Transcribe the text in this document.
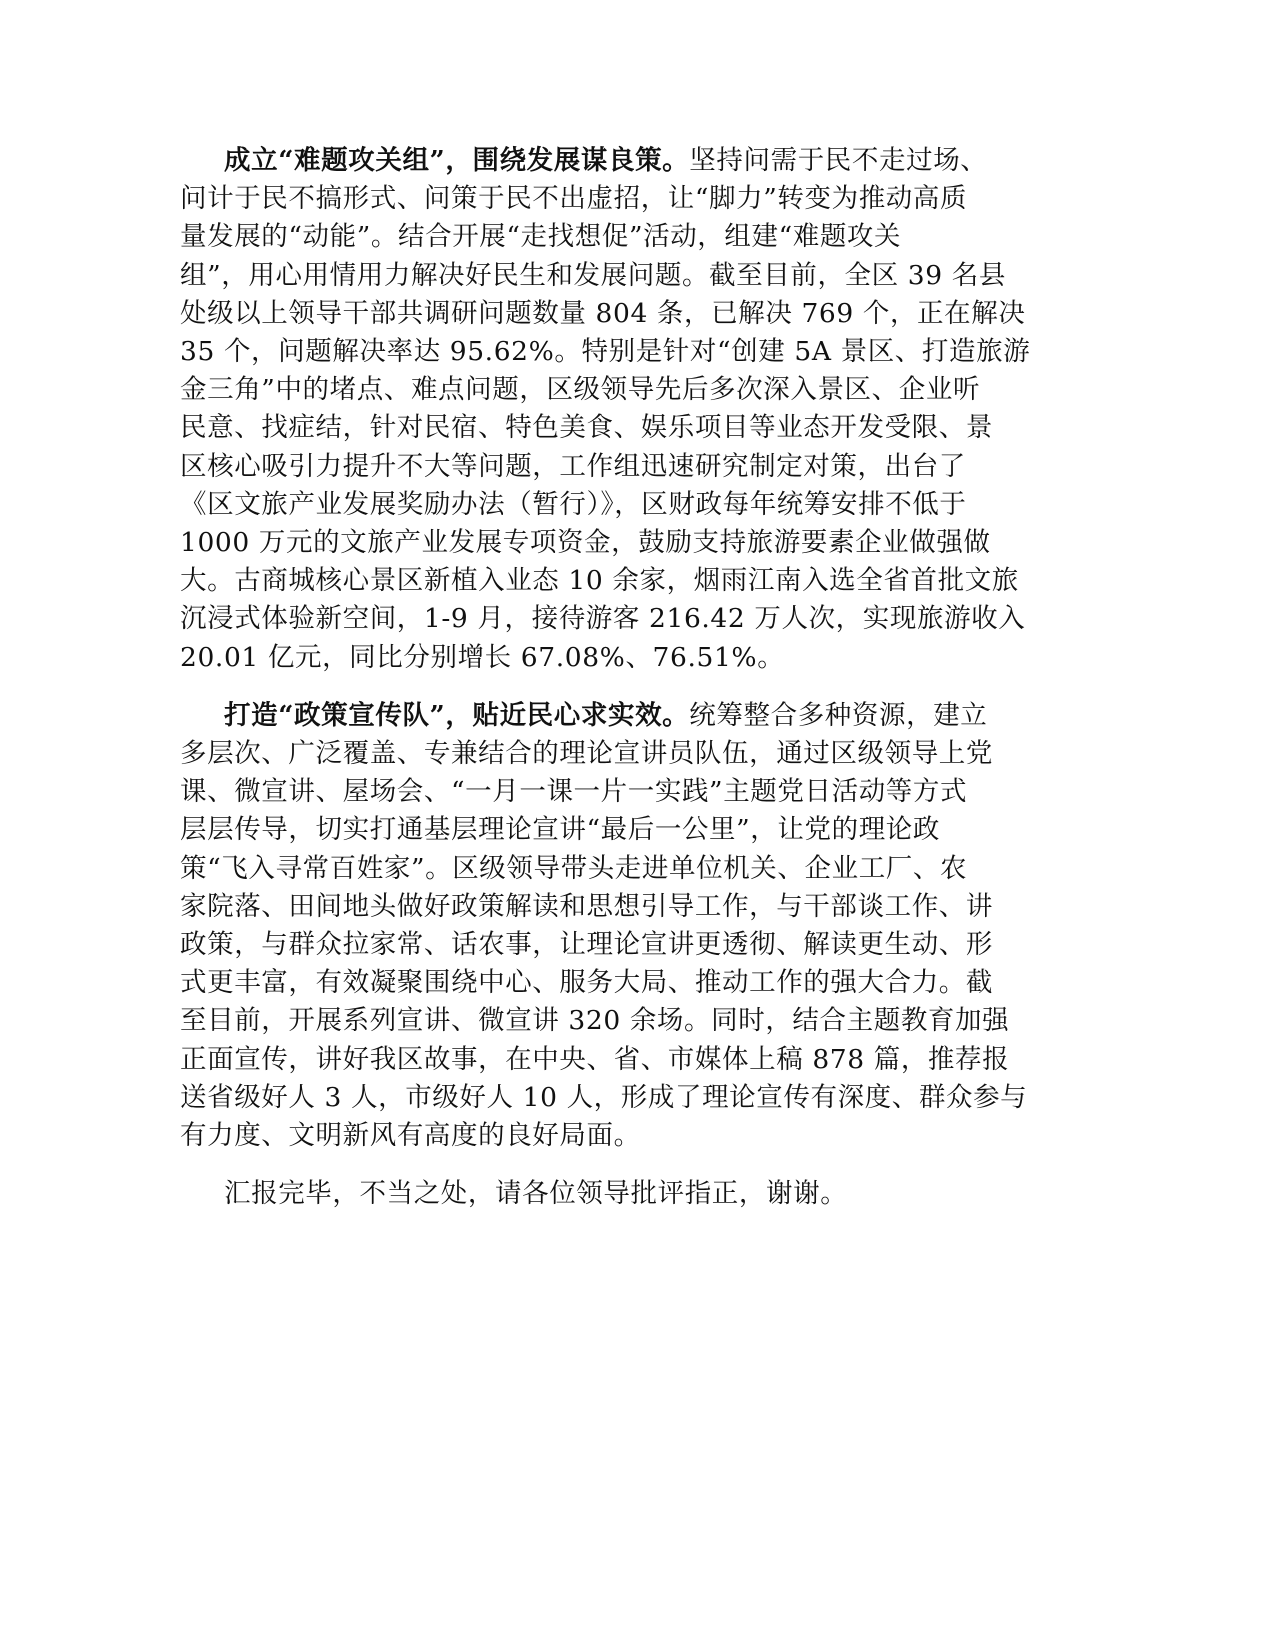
成立“难题攻关组”，围绕发展谋良策。坚持问需于民不走过场、
问计于民不搞形式、问策于民不出虚招，让“脚力”转变为推动高质
量发展的“动能”。结合开展“走找想促”活动，组建“难题攻关
组”，用心用情用力解决好民生和发展问题。截至目前，全区 39 名县
处级以上领导干部共调研问题数量 804 条，已解决 769 个，正在解决
35 个，问题解决率达 95.62%。特别是针对“创建 5A 景区、打造旅游
金三角”中的堵点、难点问题，区级领导先后多次深入景区、企业听
民意、找症结，针对民宿、特色美食、娱乐项目等业态开发受限、景
区核心吸引力提升不大等问题，工作组迅速研究制定对策，出台了
《区文旅产业发展奖励办法（暂行）》，区财政每年统筹安排不低于
1000 万元的文旅产业发展专项资金，鼓励支持旅游要素企业做强做
大。古商城核心景区新植入业态 10 余家，烟雨江南入选全省首批文旅
沉浸式体验新空间，1-9 月，接待游客 216.42 万人次，实现旅游收入
20.01 亿元，同比分别增长 67.08%、76.51%。

打造“政策宣传队”，贴近民心求实效。统筹整合多种资源，建立
多层次、广泛覆盖、专兼结合的理论宣讲员队伍，通过区级领导上党
课、微宣讲、屋场会、“一月一课一片一实践”主题党日活动等方式
层层传导，切实打通基层理论宣讲“最后一公里”，让党的理论政
策“飞入寻常百姓家”。区级领导带头走进单位机关、企业工厂、农
家院落、田间地头做好政策解读和思想引导工作，与干部谈工作、讲
政策，与群众拉家常、话农事，让理论宣讲更透彻、解读更生动、形
式更丰富，有效凝聚围绕中心、服务大局、推动工作的强大合力。截
至目前，开展系列宣讲、微宣讲 320 余场。同时，结合主题教育加强
正面宣传，讲好我区故事，在中央、省、市媒体上稿 878 篇，推荐报
送省级好人 3 人，市级好人 10 人，形成了理论宣传有深度、群众参与
有力度、文明新风有高度的良好局面。

汇报完毕，不当之处，请各位领导批评指正，谢谢。
